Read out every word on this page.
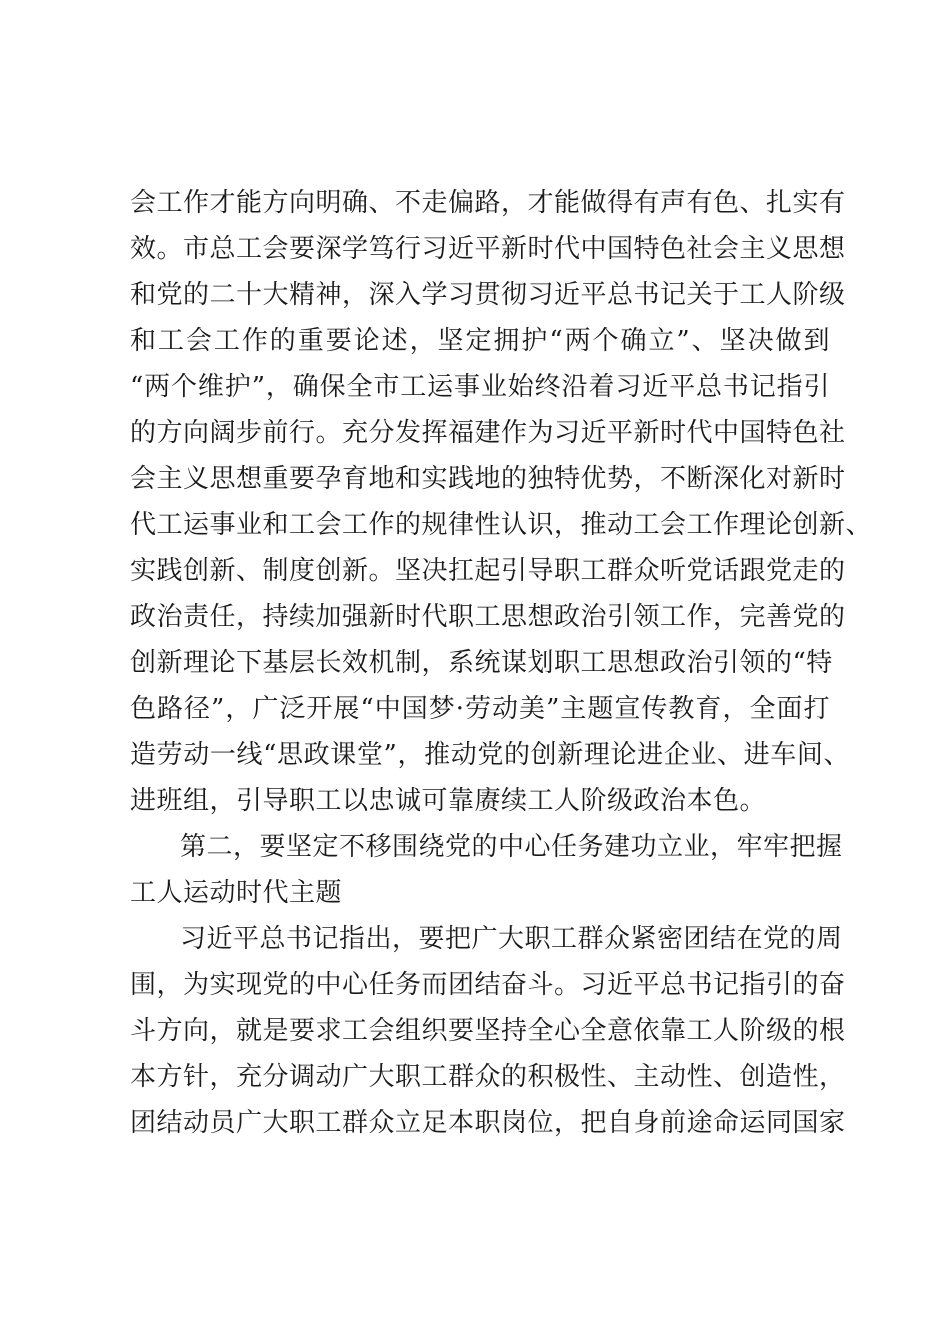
会工作才能方向明确、不走偏路，才能做得有声有色、扎实有
效。市总工会要深学笃行习近平新时代中国特色社会主义思想
和党的二十大精神，深入学习贯彻习近平总书记关于工人阶级
和工会工作的重要论述，坚定拥护“两个确立”、坚决做到
“两个维护”，确保全市工运事业始终沿着习近平总书记指引
的方向阔步前行。充分发挥福建作为习近平新时代中国特色社
会主义思想重要孕育地和实践地的独特优势，不断深化对新时
代工运事业和工会工作的规律性认识，推动工会工作理论创新、
实践创新、制度创新。坚决扛起引导职工群众听党话跟党走的
政治责任，持续加强新时代职工思想政治引领工作，完善党的
创新理论下基层长效机制，系统谋划职工思想政治引领的“特
色路径”，广泛开展“中国梦·劳动美”主题宣传教育，全面打
造劳动一线“思政课堂”，推动党的创新理论进企业、进车间、
进班组，引导职工以忠诚可靠赓续工人阶级政治本色。
第二，要坚定不移围绕党的中心任务建功立业，牢牢把握
工人运动时代主题
习近平总书记指出，要把广大职工群众紧密团结在党的周
围，为实现党的中心任务而团结奋斗。习近平总书记指引的奋
斗方向，就是要求工会组织要坚持全心全意依靠工人阶级的根
本方针，充分调动广大职工群众的积极性、主动性、创造性，
团结动员广大职工群众立足本职岗位，把自身前途命运同国家
